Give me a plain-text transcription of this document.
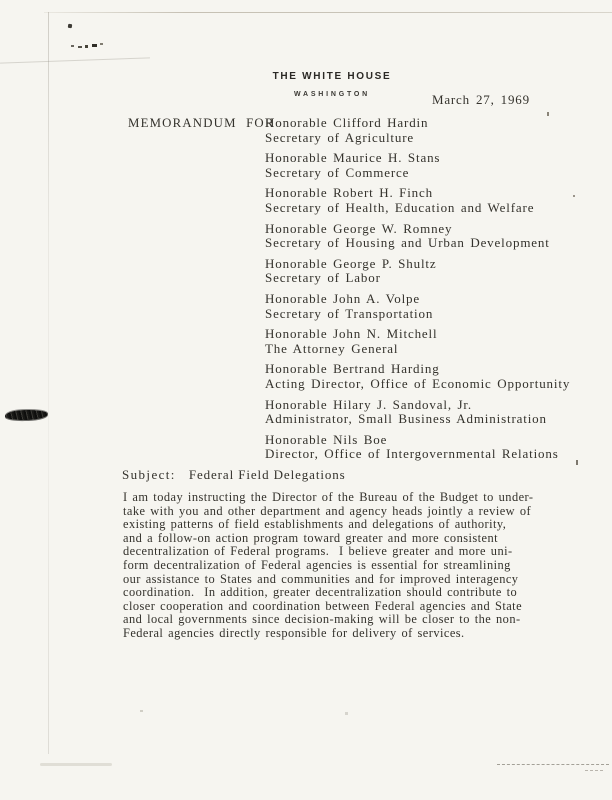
THE WHITE HOUSE
WASHINGTON	March 27, 1969
MEMORANDUM FOR
Honorable Clifford Hardin
Secretary of Agriculture
Honorable Maurice H. Stans
Secretary of Commerce
Honorable Robert H. Finch
Secretary of Health, Education and Welfare
Honorable George W. Romney
Secretary of Housing and Urban Development
Honorable George P. Shultz
Secretary of Labor
Honorable John A. Volpe
Secretary of Transportation
Honorable John N. Mitchell
The Attorney General
Honorable Bertrand Harding
Acting Director, Office of Economic Opportunity
Honorable Hilary J. Sandoval, Jr.
Administrator, Small Business Administration
Honorable Nils Boe
Director, Office of Intergovernmental Relations
Subject: Federal Field Delegations
I am today instructing the Director of the Bureau of the Budget to under-
take with you and other department and agency heads jointly a review of
existing patterns of field establishments and delegations of authority,
and a follow-on action program toward greater and more consistent
decentralization of Federal programs.  I believe greater and more uni-
form decentralization of Federal agencies is essential for streamlining
our assistance to States and communities and for improved interagency
coordination.  In addition, greater decentralization should contribute to
closer cooperation and coordination between Federal agencies and State
and local governments since decision-making will be closer to the non-
Federal agencies directly responsible for delivery of services.
